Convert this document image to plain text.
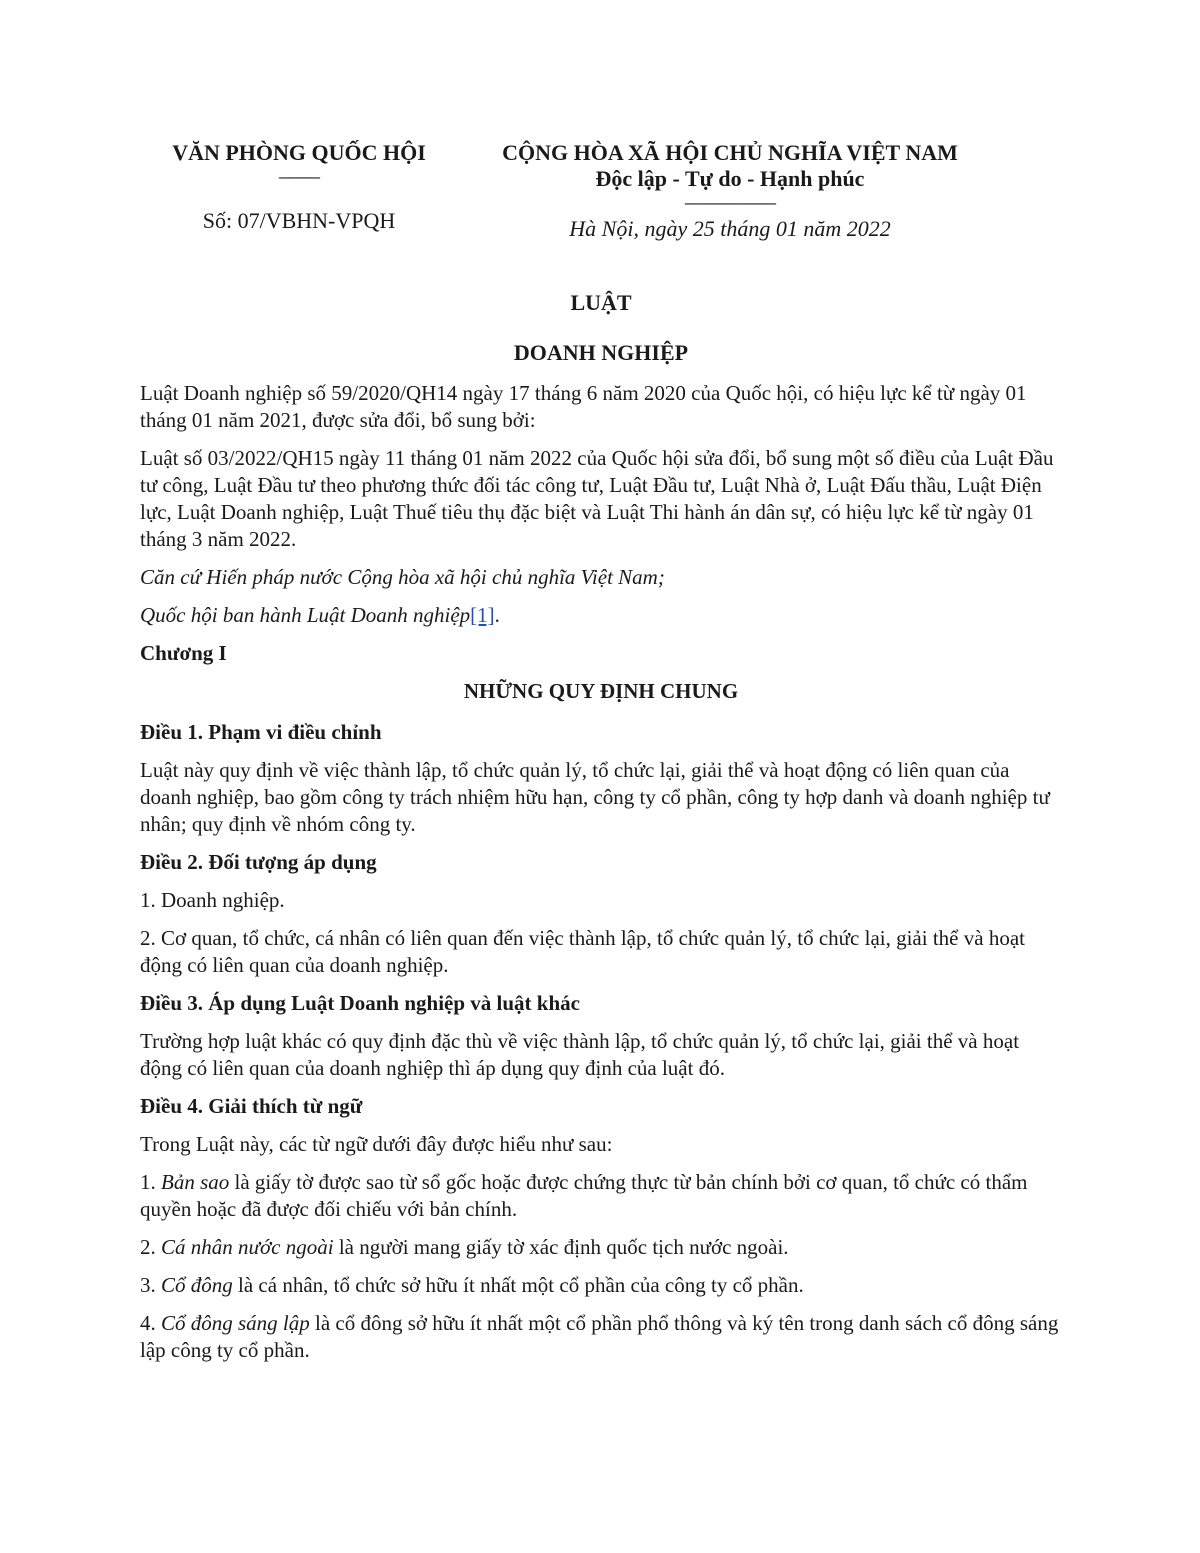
VĂN PHÒNG QUỐC HỘI
––––
Số: 07/VBHN-VPQH
CỘNG HÒA XÃ HỘI CHỦ NGHĨA VIỆT NAM
Độc lập - Tự do - Hạnh phúc
–––––––––
Hà Nội, ngày 25 tháng 01 năm 2022
LUẬT
DOANH NGHIỆP

Luật Doanh nghiệp số 59/2020/QH14 ngày 17 tháng 6 năm 2020 của Quốc hội, có hiệu lực kể từ ngày 01 tháng 01 năm 2021, được sửa đổi, bổ sung bởi:

Luật số 03/2022/QH15 ngày 11 tháng 01 năm 2022 của Quốc hội sửa đổi, bổ sung một số điều của Luật Đầu tư công, Luật Đầu tư theo phương thức đối tác công tư, Luật Đầu tư, Luật Nhà ở, Luật Đấu thầu, Luật Điện lực, Luật Doanh nghiệp, Luật Thuế tiêu thụ đặc biệt và Luật Thi hành án dân sự, có hiệu lực kể từ ngày 01 tháng 3 năm 2022.

Căn cứ Hiến pháp nước Cộng hòa xã hội chủ nghĩa Việt Nam;

Quốc hội ban hành Luật Doanh nghiệp[1].

Chương I
NHỮNG QUY ĐỊNH CHUNG
Điều 1. Phạm vi điều chỉnh

Luật này quy định về việc thành lập, tổ chức quản lý, tổ chức lại, giải thể và hoạt động có liên quan của doanh nghiệp, bao gồm công ty trách nhiệm hữu hạn, công ty cổ phần, công ty hợp danh và doanh nghiệp tư nhân; quy định về nhóm công ty.

Điều 2. Đối tượng áp dụng

1. Doanh nghiệp.

2. Cơ quan, tổ chức, cá nhân có liên quan đến việc thành lập, tổ chức quản lý, tổ chức lại, giải thể và hoạt động có liên quan của doanh nghiệp.

Điều 3. Áp dụng Luật Doanh nghiệp và luật khác

Trường hợp luật khác có quy định đặc thù về việc thành lập, tổ chức quản lý, tổ chức lại, giải thể và hoạt động có liên quan của doanh nghiệp thì áp dụng quy định của luật đó.

Điều 4. Giải thích từ ngữ

Trong Luật này, các từ ngữ dưới đây được hiểu như sau:

1. Bản sao là giấy tờ được sao từ sổ gốc hoặc được chứng thực từ bản chính bởi cơ quan, tổ chức có thẩm quyền hoặc đã được đối chiếu với bản chính.

2. Cá nhân nước ngoài là người mang giấy tờ xác định quốc tịch nước ngoài.

3. Cổ đông là cá nhân, tổ chức sở hữu ít nhất một cổ phần của công ty cổ phần.

4. Cổ đông sáng lập là cổ đông sở hữu ít nhất một cổ phần phổ thông và ký tên trong danh sách cổ đông sáng lập công ty cổ phần.
